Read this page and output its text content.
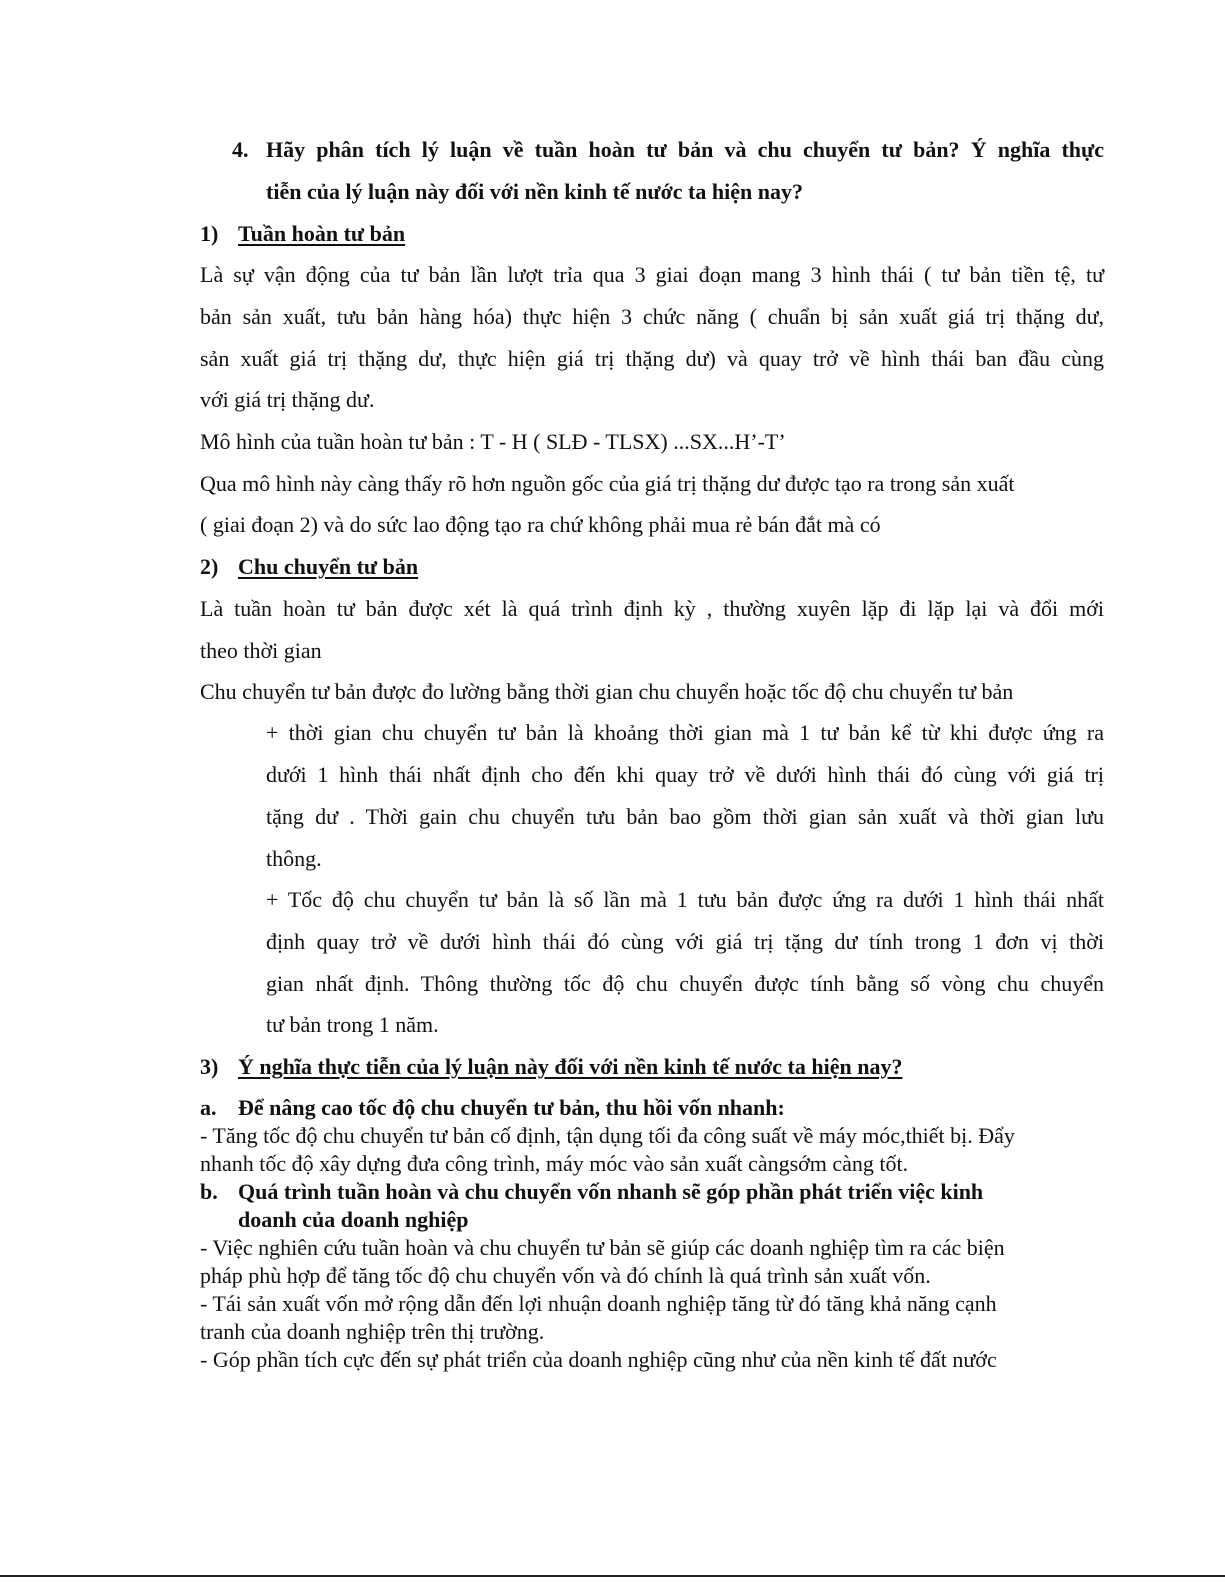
4. Hãy phân tích lý luận về tuần hoàn tư bản và chu chuyển tư bản? Ý nghĩa thực
tiễn của lý luận này đối với nền kinh tế nước ta hiện nay?
1) Tuần hoàn tư bản
Là sự vận động của tư bản lần lượt trỉa qua 3 giai đoạn mang 3 hình thái ( tư bản tiền tệ, tư
bản sản xuất, tưu bản hàng hóa) thực hiện 3 chức năng ( chuẩn bị sản xuất giá trị thặng dư,
sản xuất giá trị thặng dư, thực hiện giá trị thặng dư) và quay trở về hình thái ban đầu cùng
với giá trị thặng dư.
Mô hình của tuần hoàn tư bản : T - H ( SLĐ - TLSX) ...SX...H’-T’
Qua mô hình này càng thấy rõ hơn nguồn gốc của giá trị thặng dư được tạo ra trong sản xuất
( giai đoạn 2) và do sức lao động tạo ra chứ không phải mua rẻ bán đắt mà có
2) Chu chuyển tư bản
Là tuần hoàn tư bản được xét là quá trình định kỳ , thường xuyên lặp đi lặp lại và đổi mới
theo thời gian
Chu chuyển tư bản được đo lường bằng thời gian chu chuyển hoặc tốc độ chu chuyển tư bản
+ thời gian chu chuyển tư bản là khoảng thời gian mà 1 tư bản kể từ khi được ứng ra
dưới 1 hình thái nhất định cho đến khi quay trở về dưới hình thái đó cùng với giá trị
tặng dư . Thời gain chu chuyển tưu bản bao gồm thời gian sản xuất và thời gian lưu
thông.
+ Tốc độ chu chuyển tư bản là số lần mà 1 tưu bản được ứng ra dưới 1 hình thái nhất
định quay trở về dưới hình thái đó cùng với giá trị tặng dư tính trong 1 đơn vị thời
gian nhất định. Thông thường tốc độ chu chuyển được tính bằng số vòng chu chuyển
tư bản trong 1 năm.
3) Ý nghĩa thực tiễn của lý luận này đối với nền kinh tế nước ta hiện nay?
a. Để nâng cao tốc độ chu chuyển tư bản, thu hồi vốn nhanh:
- Tăng tốc độ chu chuyển tư bản cố định, tận dụng tối đa công suất về máy móc,thiết bị. Đẩy
nhanh tốc độ xây dựng đưa công trình, máy móc vào sản xuất càngsớm càng tốt.
b. Quá trình tuần hoàn và chu chuyển vốn nhanh sẽ góp phần phát triển việc kinh
doanh của doanh nghiệp
- Việc nghiên cứu tuần hoàn và chu chuyển tư bản sẽ giúp các doanh nghiệp tìm ra các biện
pháp phù hợp để tăng tốc độ chu chuyển vốn và đó chính là quá trình sản xuất vốn.
- Tái sản xuất vốn mở rộng dẫn đến lợi nhuận doanh nghiệp tăng từ đó tăng khả năng cạnh
tranh của doanh nghiệp trên thị trường.
- Góp phần tích cực đến sự phát triển của doanh nghiệp cũng như của nền kinh tế đất nước
